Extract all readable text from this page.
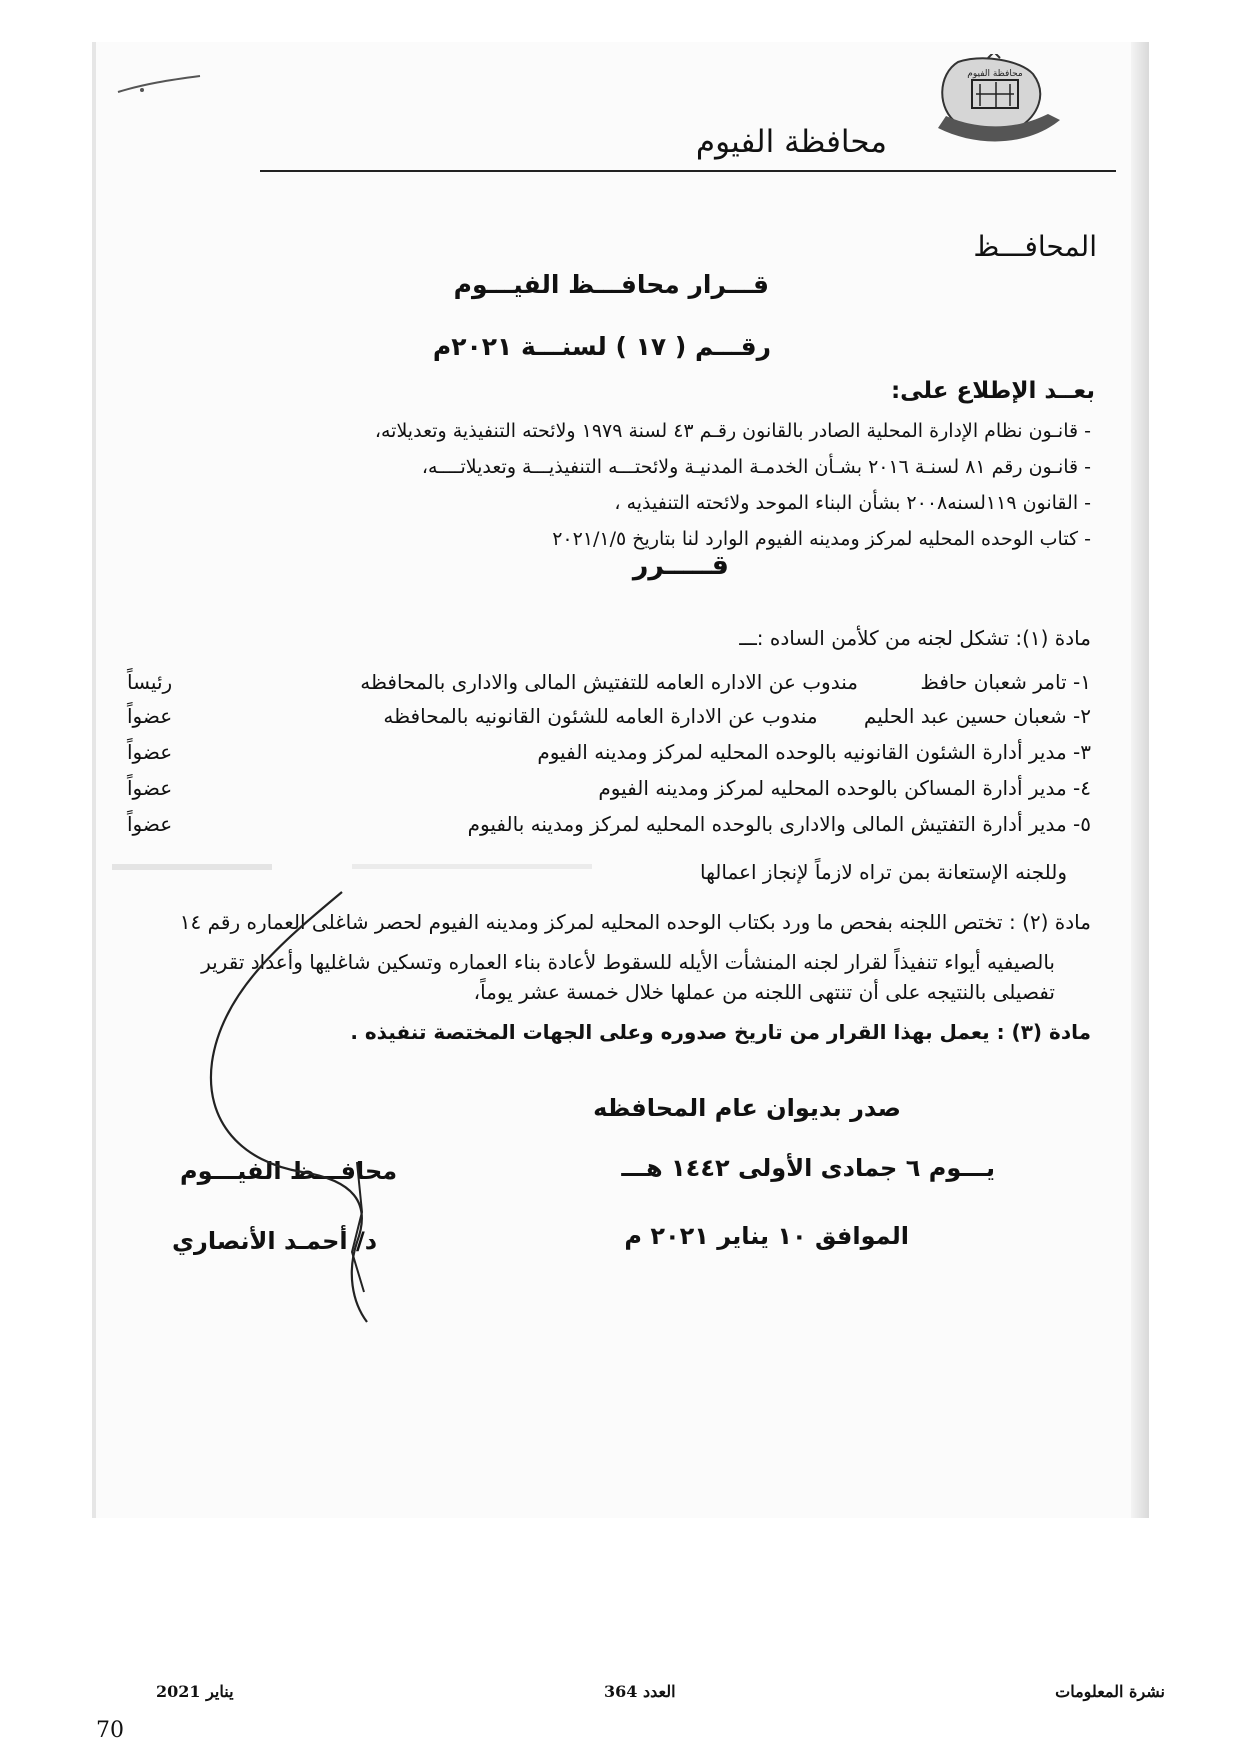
محافظة الفيوم
محافظة الفيوم
المحافـــظ
قـــرار محافـــظ الفيـــوم
رقـــم ( ١٧ ) لسنـــة ٢٠٢١م
بعــد الإطلاع على:
- قانـون نظام الإدارة المحلية الصادر بالقانون رقـم ٤٣ لسنة ١٩٧٩ ولائحته التنفيذية وتعديلاته،
- قانـون رقم ٨١ لسنـة ٢٠١٦ بشـأن الخدمـة المدنيـة ولائحتـــه التنفيذيـــة وتعديلاتــــه،
- القانون ١١٩لسنه٢٠٠٨ بشأن البناء الموحد ولائحته التنفيذيه ،
- كتاب الوحده المحليه لمركز ومدينه الفيوم الوارد لنا بتاريخ ٢٠٢١/١/٥
قـــــرر
مادة (١): تشكل لجنه من كلأمن الساده :ـــ
١- تامر شعبان حافظ مندوب عن الاداره العامه للتفتيش المالى والادارى بالمحافظه
رئيساً
٢- شعبان حسين عبد الحليم مندوب عن الادارة العامه للشئون القانونيه بالمحافظه
عضواً
٣- مدير أدارة الشئون القانونيه بالوحده المحليه لمركز ومدينه الفيوم
عضواً
٤- مدير أدارة المساكن بالوحده المحليه لمركز ومدينه الفيوم
عضواً
٥- مدير أدارة التفتيش المالى والادارى بالوحده المحليه لمركز ومدينه بالفيوم
عضواً
وللجنه الإستعانة بمن تراه لازماً لإنجاز اعمالها
مادة (٢) : تختص اللجنه بفحص ما ورد بكتاب الوحده المحليه لمركز ومدينه الفيوم لحصر شاغلى العماره رقم ١٤
بالصيفيه أيواء تنفيذاً لقرار لجنه المنشأت الأيله للسقوط لأعادة بناء العماره وتسكين شاغليها وأعداد تقرير
تفصيلى بالنتيجه على أن تنتهى اللجنه من عملها خلال خمسة عشر يوماً،
مادة (٣) : يعمل بهذا القرار من تاريخ صدوره وعلى الجهات المختصة تنفيذه .
صدر بديوان عام المحافظه
يـــوم ٦ جمادى الأولى ١٤٤٢ هـــ
الموافق ١٠ يناير ٢٠٢١ م
محافـــظ الفيـــوم
د/ أحمـد الأنصاري
نشرة المعلومات
العدد 364
يناير 2021
70
